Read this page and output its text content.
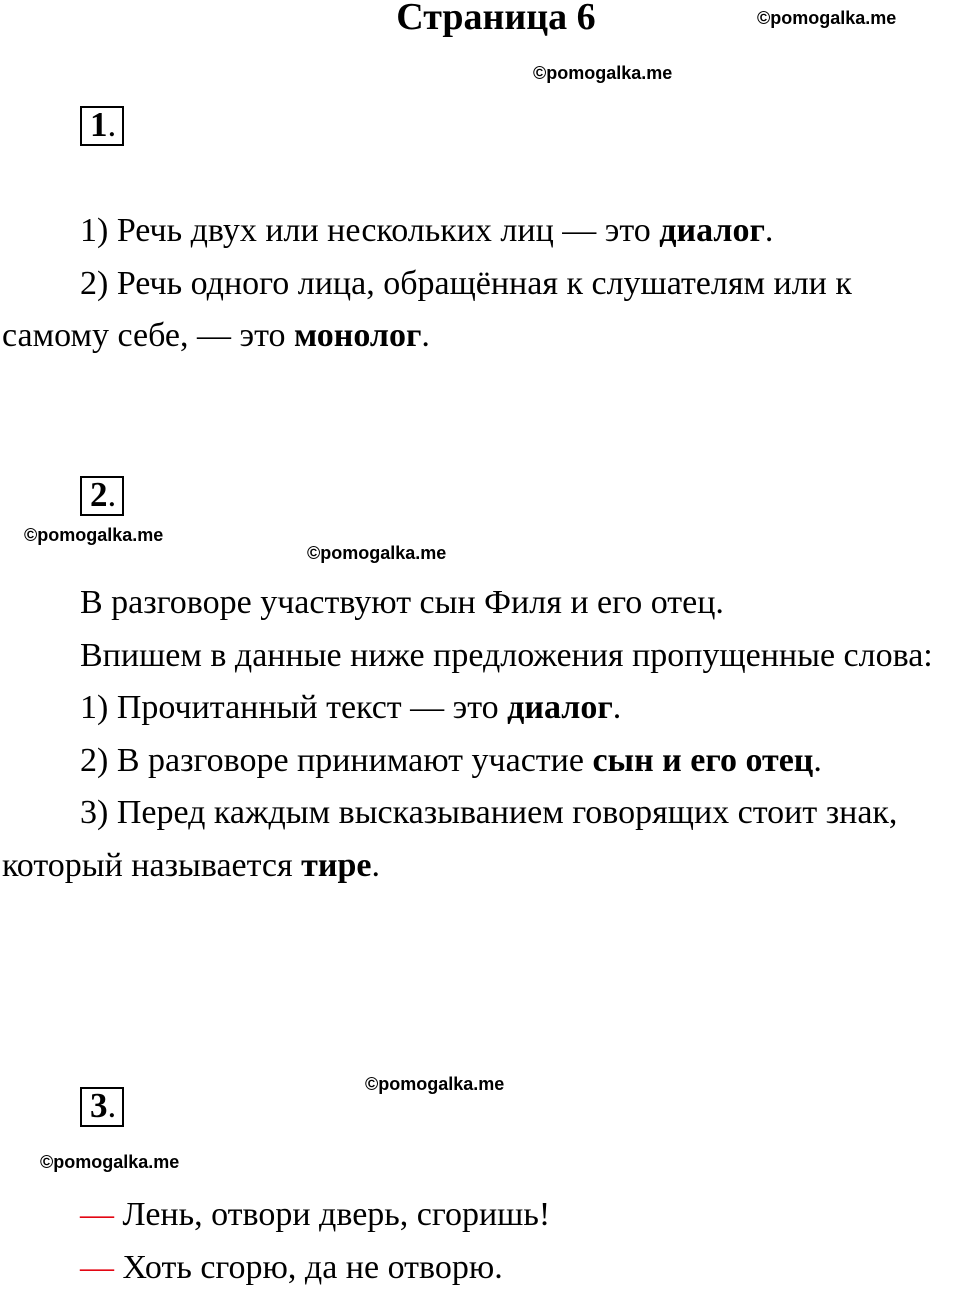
Страница 6	©pomogalka.me
©pomogalka.me
©pomogalka.me
©pomogalka.me
©pomogalka.me
©pomogalka.me
1.

1) Речь двух или нескольких лиц — это диалог.

2) Речь одного лица, обращённая к слушателям или к самому себе, — это монолог.

2.

В разговоре участвуют сын Филя и его отец.

Впишем в данные ниже предложения пропущенные слова:

1) Прочитанный текст — это диалог.

2) В разговоре принимают участие сын и его отец.

3) Перед каждым высказыванием говорящих стоит знак, который называется тире.

3.

— Лень, отвори дверь, сгоришь!

— Хоть сгорю, да не отворю.
